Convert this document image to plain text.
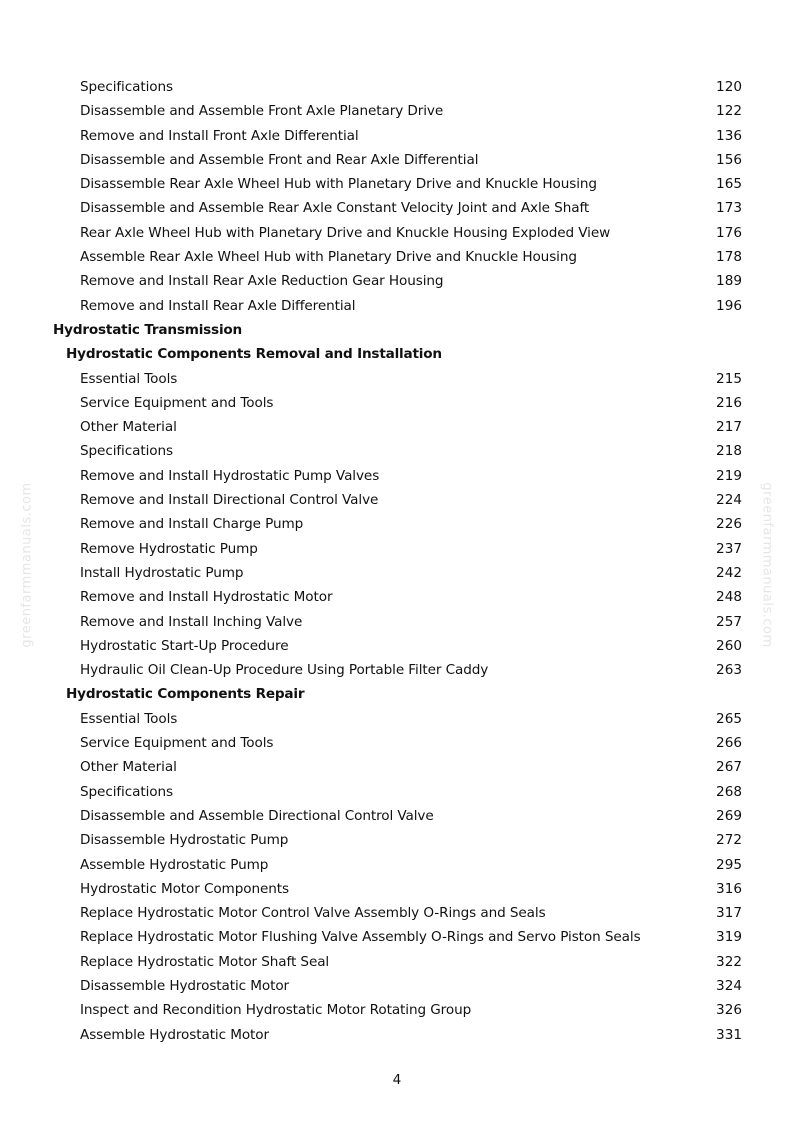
Specifications	120
Disassemble and Assemble Front Axle Planetary Drive	122
Remove and Install Front Axle Differential	136
Disassemble and Assemble Front and Rear Axle Differential	156
Disassemble Rear Axle Wheel Hub with Planetary Drive and Knuckle Housing	165
Disassemble and Assemble Rear Axle Constant Velocity Joint and Axle Shaft	173
Rear Axle Wheel Hub with Planetary Drive and Knuckle Housing Exploded View	176
Assemble Rear Axle Wheel Hub with Planetary Drive and Knuckle Housing	178
Remove and Install Rear Axle Reduction Gear Housing	189
Remove and Install Rear Axle Differential	196
Hydrostatic Transmission
Hydrostatic Components Removal and Installation
Essential Tools	215
Service Equipment and Tools	216
Other Material	217
Specifications	218
Remove and Install Hydrostatic Pump Valves	219
Remove and Install Directional Control Valve	224
Remove and Install Charge Pump	226
Remove Hydrostatic Pump	237
Install Hydrostatic Pump	242
Remove and Install Hydrostatic Motor	248
Remove and Install Inching Valve	257
Hydrostatic Start-Up Procedure	260
Hydraulic Oil Clean-Up Procedure Using Portable Filter Caddy	263
Hydrostatic Components Repair
Essential Tools	265
Service Equipment and Tools	266
Other Material	267
Specifications	268
Disassemble and Assemble Directional Control Valve	269
Disassemble Hydrostatic Pump	272
Assemble Hydrostatic Pump	295
Hydrostatic Motor Components	316
Replace Hydrostatic Motor Control Valve Assembly O-Rings and Seals	317
Replace Hydrostatic Motor Flushing Valve Assembly O-Rings and Servo Piston Seals	319
Replace Hydrostatic Motor Shaft Seal	322
Disassemble Hydrostatic Motor	324
Inspect and Recondition Hydrostatic Motor Rotating Group	326
Assemble Hydrostatic Motor	331
greenfarmmanuals.com	greenfarmmanuals.com
4
